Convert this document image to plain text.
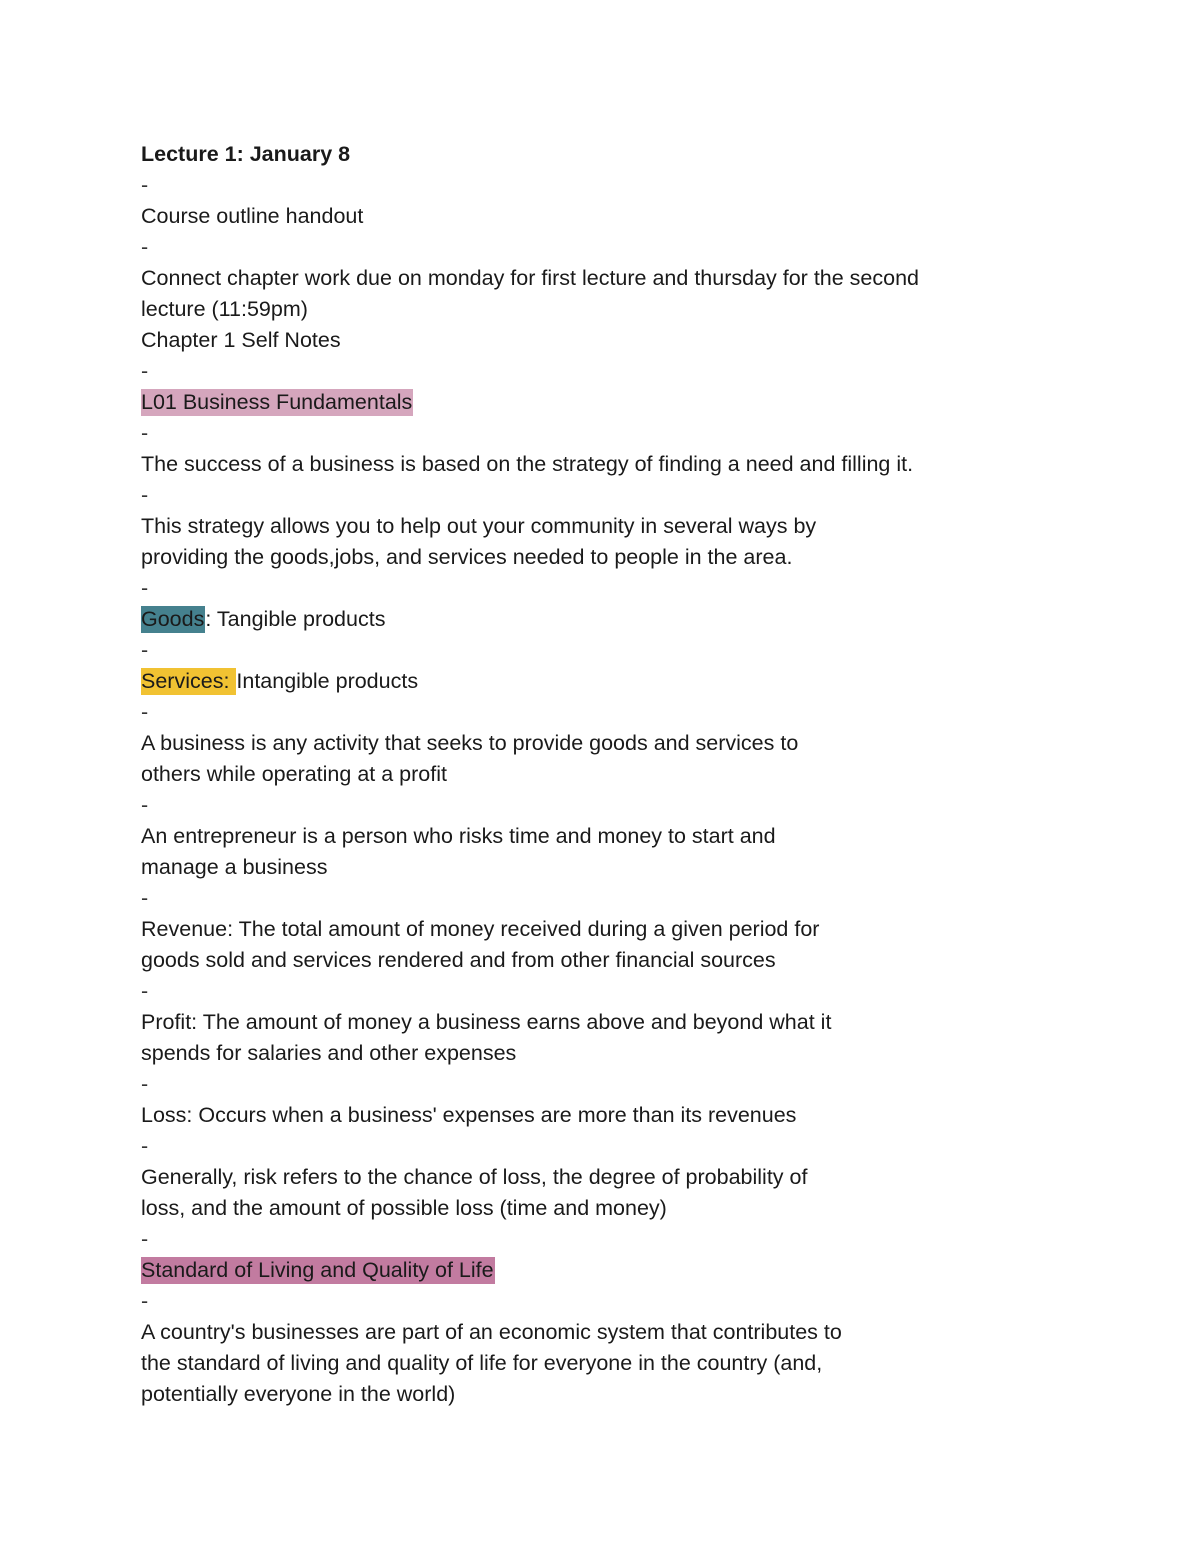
Lecture 1: January 8
-
Course outline handout
-
Connect chapter work due on monday for first lecture and thursday for the second
lecture (11:59pm)
Chapter 1 Self Notes
-
L01 Business Fundamentals
-
The success of a business is based on the strategy of finding a need and filling it.
-
This strategy allows you to help out your community in several ways by
providing the goods,jobs, and services needed to people in the area.
-
Goods: Tangible products
-
Services: Intangible products
-
A business is any activity that seeks to provide goods and services to
others while operating at a profit
-
An entrepreneur is a person who risks time and money to start and
manage a business
-
Revenue: The total amount of money received during a given period for
goods sold and services rendered and from other financial sources
-
Profit: The amount of money a business earns above and beyond what it
spends for salaries and other expenses
-
Loss: Occurs when a business' expenses are more than its revenues
-
Generally, risk refers to the chance of loss, the degree of probability of
loss, and the amount of possible loss (time and money)
-
Standard of Living and Quality of Life
-
A country's businesses are part of an economic system that contributes to
the standard of living and quality of life for everyone in the country (and,
potentially everyone in the world)
